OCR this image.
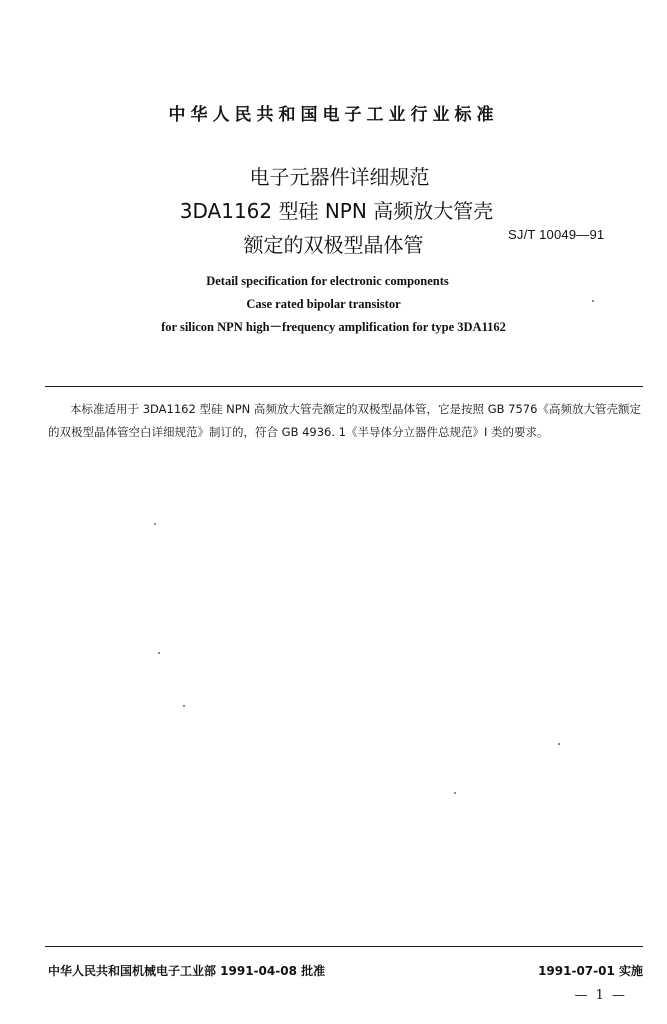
中华人民共和国电子工业行业标准
电子元器件详细规范
3DA1162 型硅 NPN 高频放大管壳
额定的双极型晶体管	SJ/T 10049—91
Detail specification for electronic components
Case rated bipolar transistor
for silicon NPN high－frequency amplification for type 3DA1162
本标准适用于 3DA1162 型硅 NPN 高频放大管壳额定的双极型晶体管，它是按照 GB 7576《高频放大管壳额定的双极型晶体管空白详细规范》制订的，符合 GB 4936. 1《半导体分立器件总规范》I 类的要求。
中华人民共和国机械电子工业部 1991-04-08 批准	1991-07-01 实施
— 1 —
